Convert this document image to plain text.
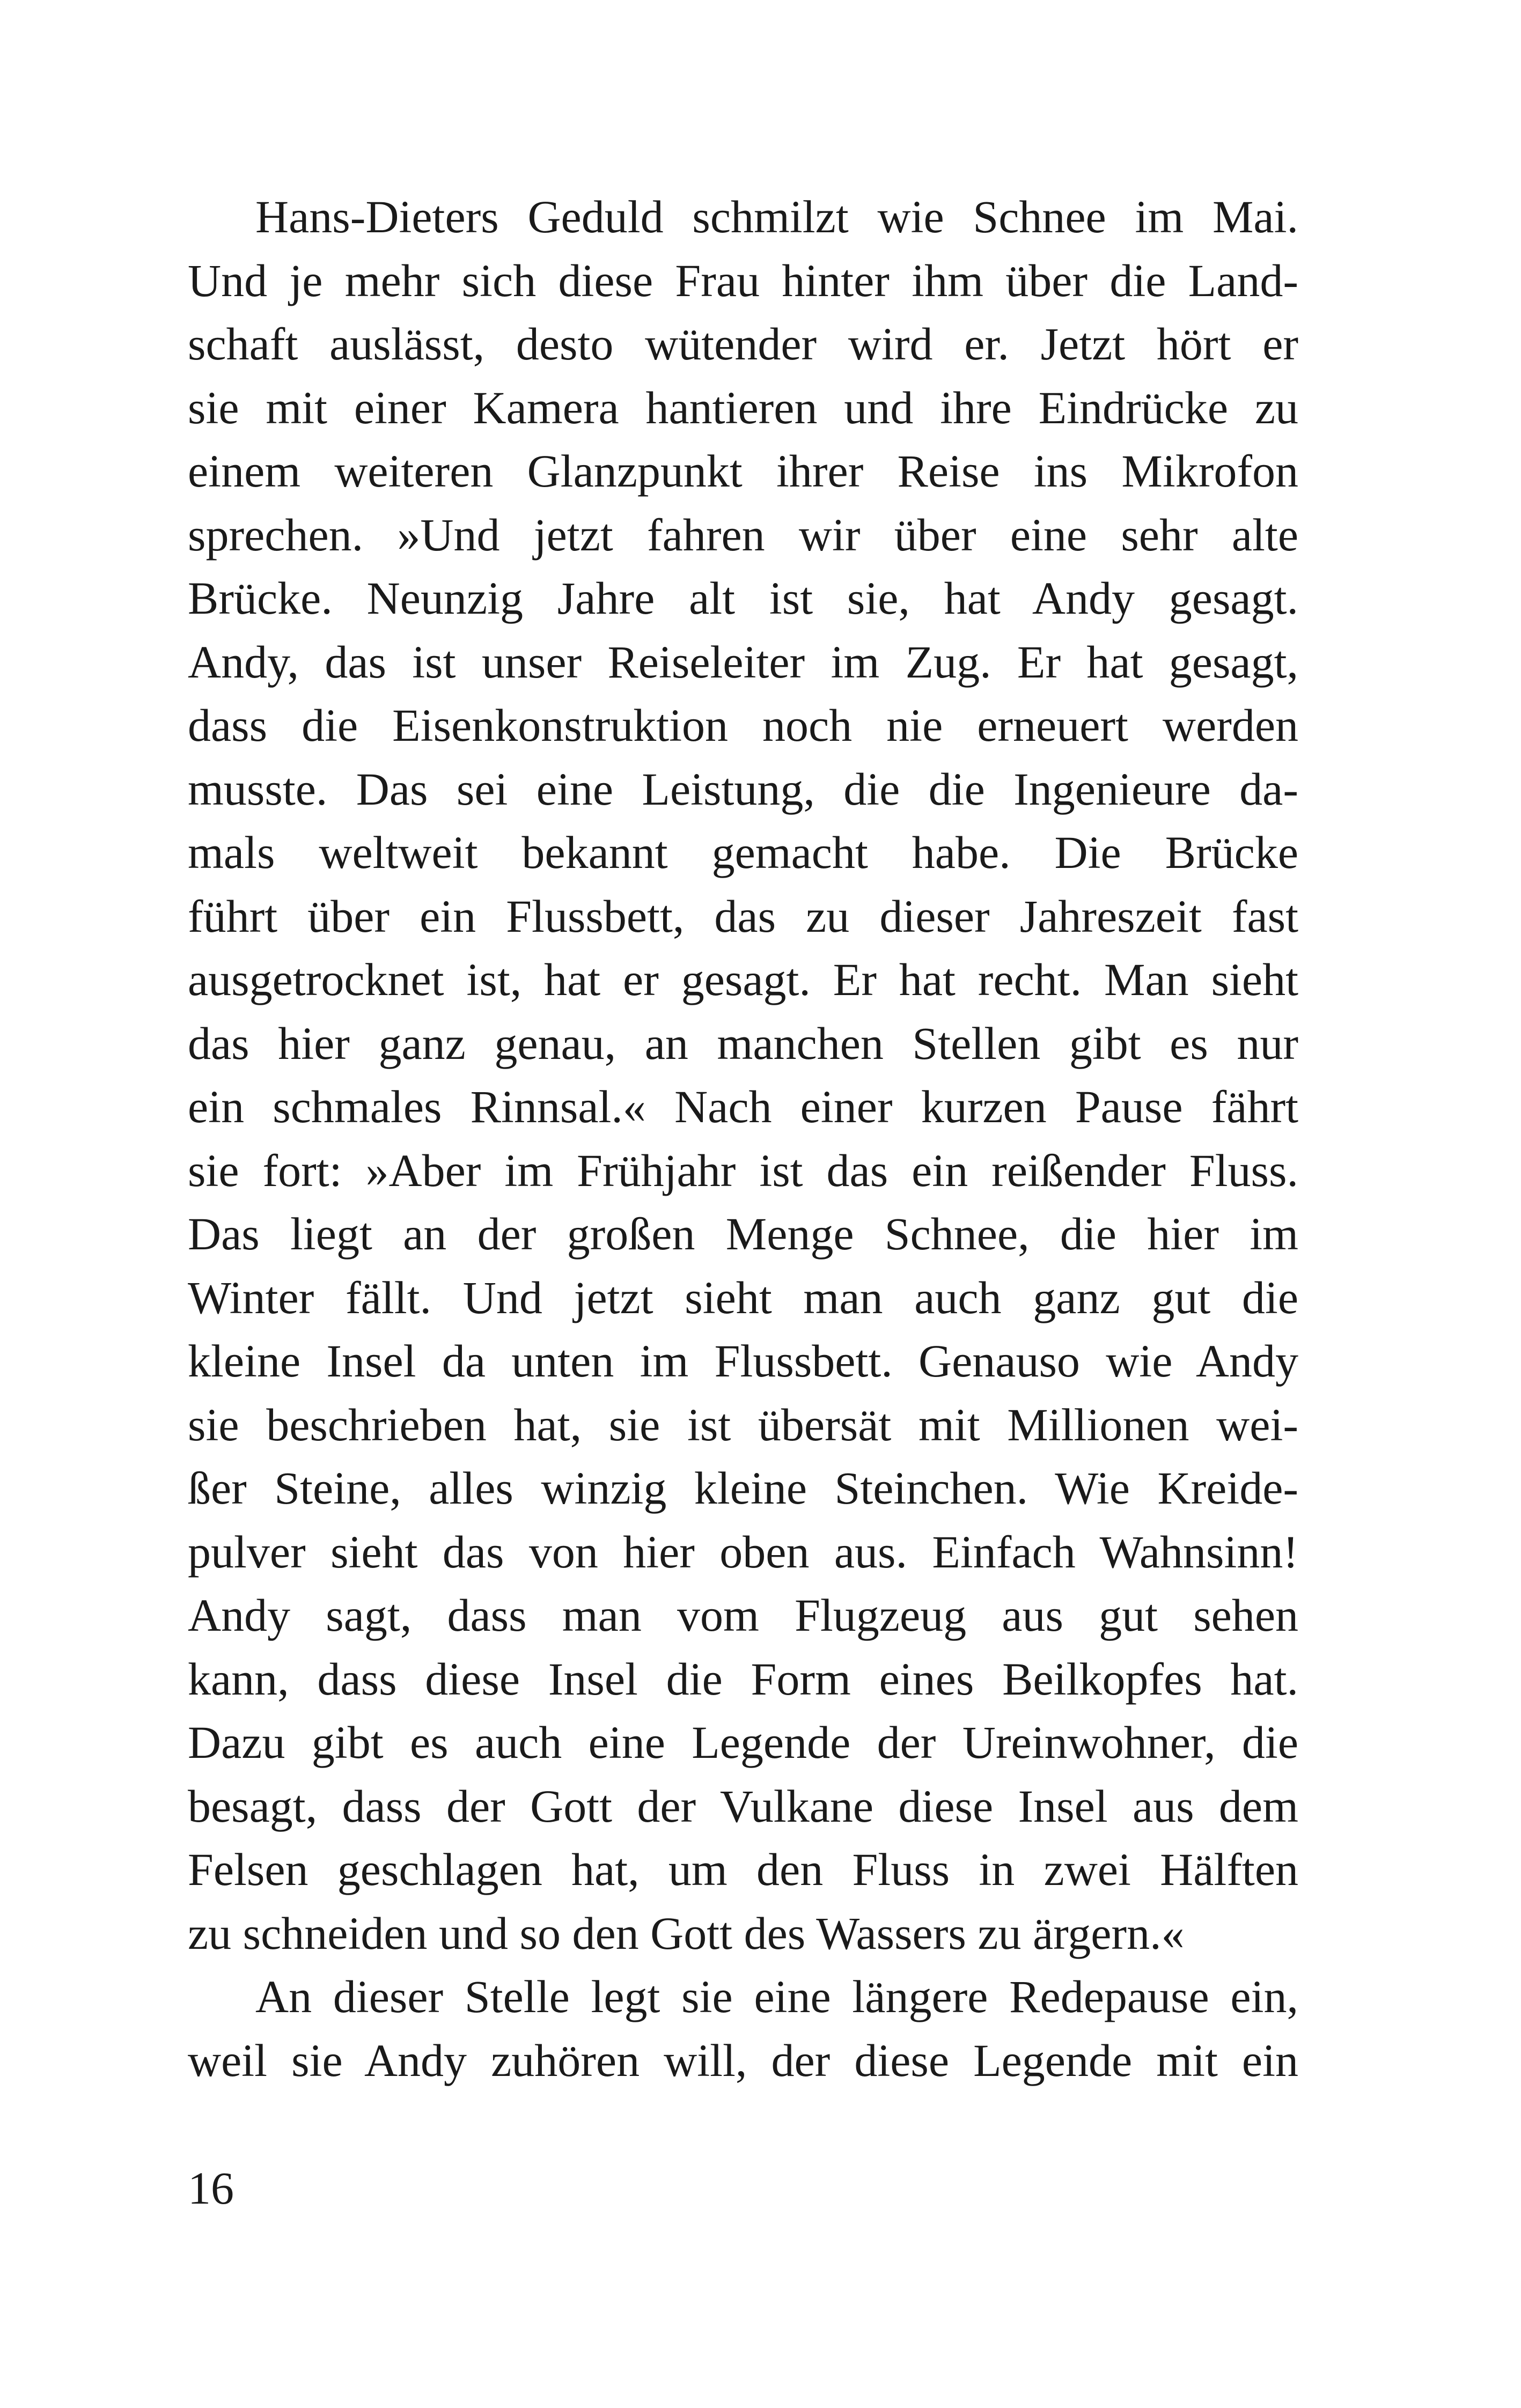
Hans-Dieters Geduld schmilzt wie Schnee im Mai.
Und je mehr sich diese Frau hinter ihm über die Land-
schaft auslässt, desto wütender wird er. Jetzt hört er
sie mit einer Kamera hantieren und ihre Eindrücke zu
einem weiteren Glanzpunkt ihrer Reise ins Mikrofon
sprechen. »Und jetzt fahren wir über eine sehr alte
Brücke. Neunzig Jahre alt ist sie, hat Andy gesagt.
Andy, das ist unser Reiseleiter im Zug. Er hat gesagt,
dass die Eisenkonstruktion noch nie erneuert werden
musste. Das sei eine Leistung, die die Ingenieure da-
mals weltweit bekannt gemacht habe. Die Brücke
führt über ein Flussbett, das zu dieser Jahreszeit fast
ausgetrocknet ist, hat er gesagt. Er hat recht. Man sieht
das hier ganz genau, an manchen Stellen gibt es nur
ein schmales Rinnsal.« Nach einer kurzen Pause fährt
sie fort: »Aber im Frühjahr ist das ein reißender Fluss.
Das liegt an der großen Menge Schnee, die hier im
Winter fällt. Und jetzt sieht man auch ganz gut die
kleine Insel da unten im Flussbett. Genauso wie Andy
sie beschrieben hat, sie ist übersät mit Millionen wei-
ßer Steine, alles winzig kleine Steinchen. Wie Kreide-
pulver sieht das von hier oben aus. Einfach Wahnsinn!
Andy sagt, dass man vom Flugzeug aus gut sehen
kann, dass diese Insel die Form eines Beilkopfes hat.
Dazu gibt es auch eine Legende der Ureinwohner, die
besagt, dass der Gott der Vulkane diese Insel aus dem
Felsen geschlagen hat, um den Fluss in zwei Hälften
zu schneiden und so den Gott des Wassers zu ärgern.«
An dieser Stelle legt sie eine längere Redepause ein,
weil sie Andy zuhören will, der diese Legende mit ein
16
